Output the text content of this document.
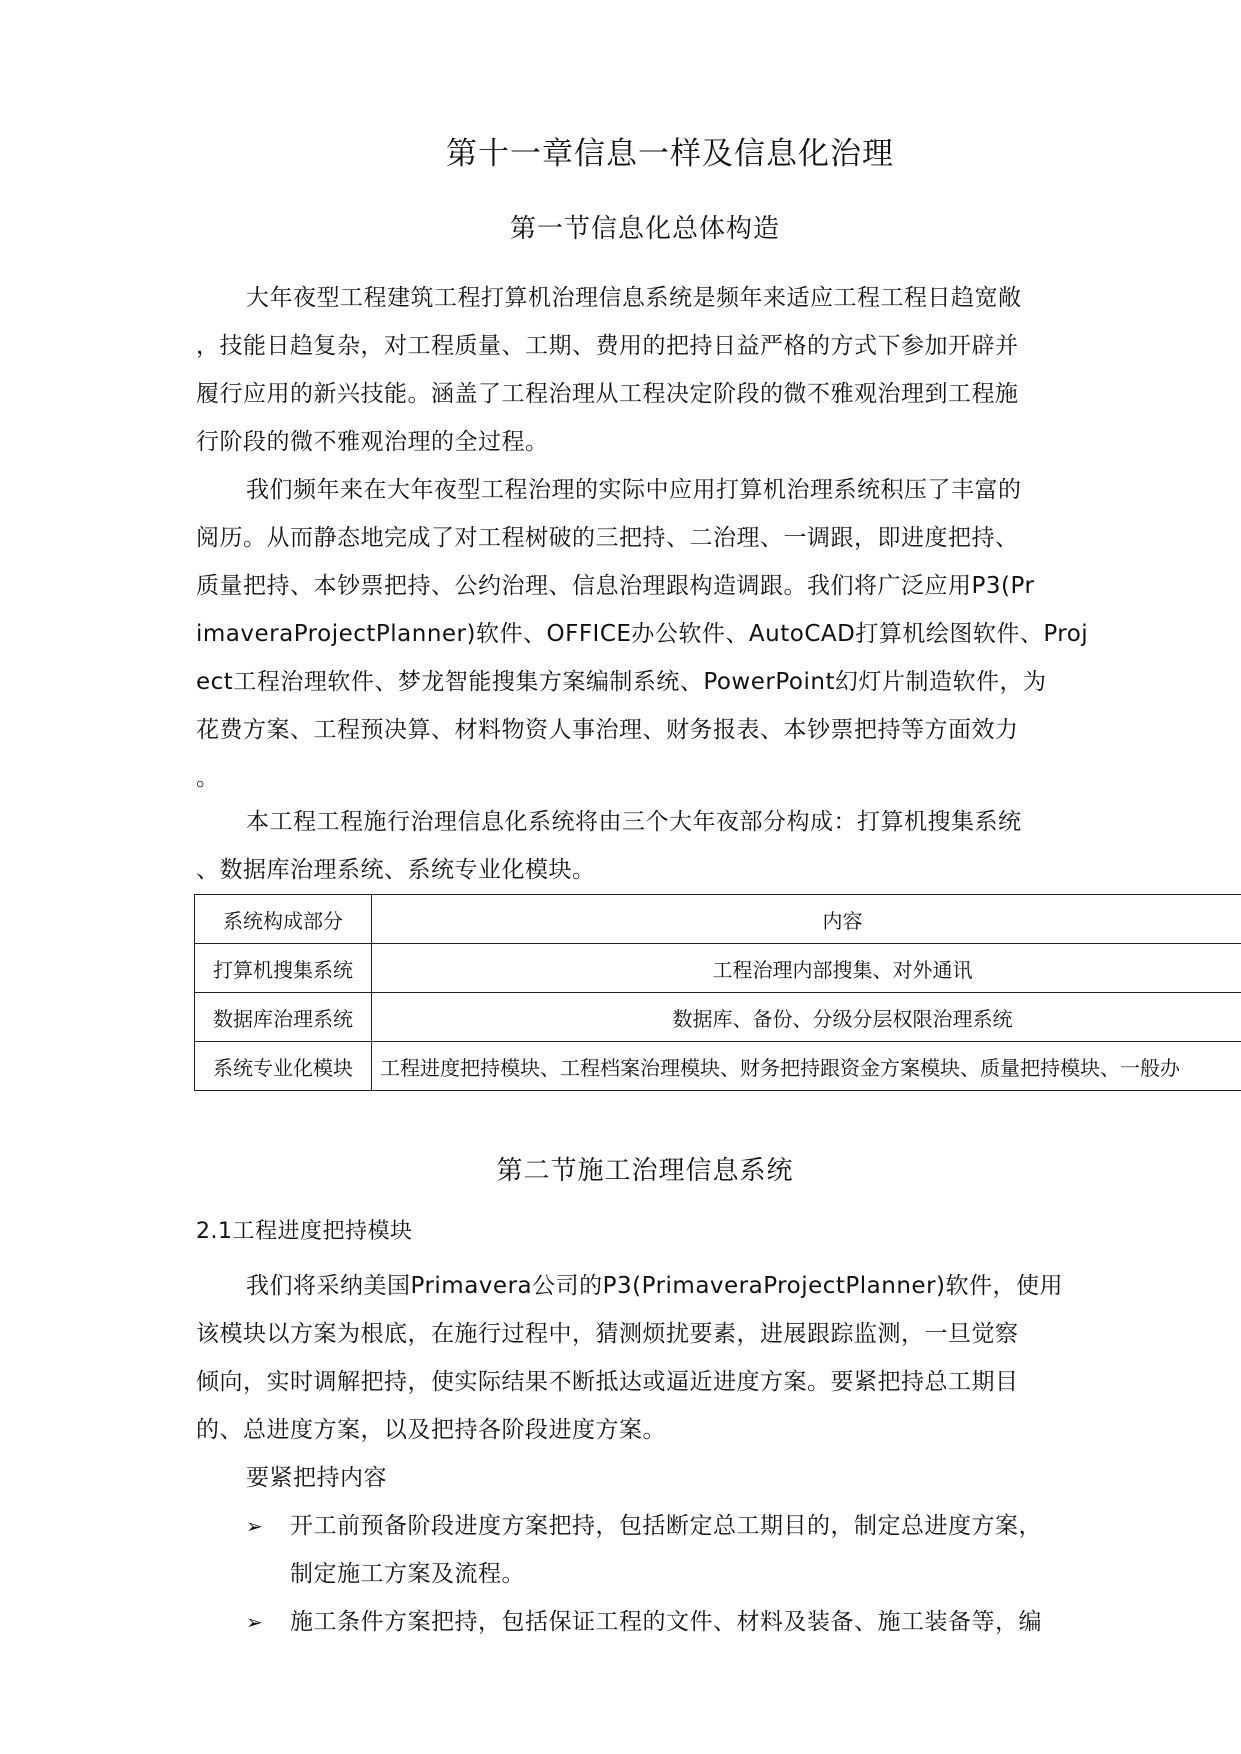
第十一章信息一样及信息化治理
第一节信息化总体构造
大年夜型工程建筑工程打算机治理信息系统是频年来适应工程工程日趋宽敞
，技能日趋复杂，对工程质量、工期、费用的把持日益严格的方式下参加开辟并
履行应用的新兴技能。涵盖了工程治理从工程决定阶段的微不雅观治理到工程施
行阶段的微不雅观治理的全过程。
我们频年来在大年夜型工程治理的实际中应用打算机治理系统积压了丰富的
阅历。从而静态地完成了对工程树破的三把持、二治理、一调跟，即进度把持、
质量把持、本钞票把持、公约治理、信息治理跟构造调跟。我们将广泛应用P3(Pr
imaveraProjectPlanner)软件、OFFICE办公软件、AutoCAD打算机绘图软件、Proj
ect工程治理软件、梦龙智能搜集方案编制系统、PowerPoint幻灯片制造软件，为
花费方案、工程预决算、材料物资人事治理、财务报表、本钞票把持等方面效力
。
本工程工程施行治理信息化系统将由三个大年夜部分构成：打算机搜集系统
、数据库治理系统、系统专业化模块。
系统构成部分	内容
打算机搜集系统	工程治理内部搜集、对外通讯
数据库治理系统	数据库、备份、分级分层权限治理系统
系统专业化模块	工程进度把持模块、工程档案治理模块、财务把持跟资金方案模块、质量把持模块、一般办
第二节施工治理信息系统
2.1工程进度把持模块
我们将采纳美国Primavera公司的P3(PrimaveraProjectPlanner)软件，使用
该模块以方案为根底，在施行过程中，猜测烦扰要素，进展跟踪监测，一旦觉察
倾向，实时调解把持，使实际结果不断抵达或逼近进度方案。要紧把持总工期目
的、总进度方案，以及把持各阶段进度方案。
要紧把持内容
➢ 开工前预备阶段进度方案把持，包括断定总工期目的，制定总进度方案，
制定施工方案及流程。
➢ 施工条件方案把持，包括保证工程的文件、材料及装备、施工装备等，编
